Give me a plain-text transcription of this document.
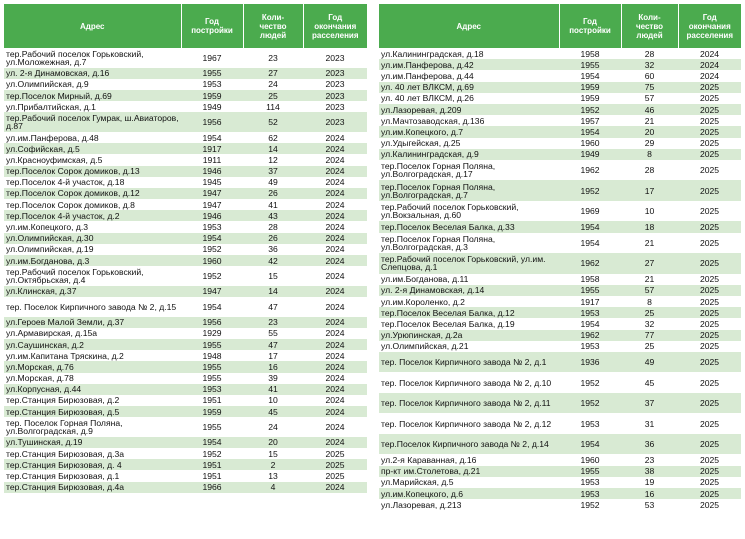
Адрес	Год
постройки	Коли-
чество
людей	Год
окончания
расселения

тер.Рабочий поселок Горьковский, ул.Моложежная, д.7	1967	23	2023
ул. 2-я Динамовская, д.16	1955	27	2023
ул.Олимпийская, д.9	1953	24	2023
тер.Поселок Мирный, д.69	1959	25	2023
ул.Прибалтийская, д.1	1949	114	2023
тер.Рабочий поселок Гумрак, ш.Авиаторов, д.87	1956	52	2023
ул.им.Панферова, д.48	1954	62	2024
ул.Софийская, д.5	1917	14	2024
ул.Красноуфимская, д.5	1911	12	2024
тер.Поселок Сорок домиков, д.13	1946	37	2024
тер.Поселок 4-й участок, д.18	1945	49	2024
тер.Поселок Сорок домиков, д.12	1947	26	2024
тер.Поселок Сорок домиков, д.8	1947	41	2024
тер.Поселок 4-й участок, д.2	1946	43	2024
ул.им.Копецкого, д.3	1953	28	2024
ул.Олимпийская, д.30	1954	26	2024
ул.Олимпийская, д.19	1952	36	2024
ул.им.Богданова, д.3	1960	42	2024
тер.Рабочий поселок Горьковский, ул.Октябрьская, д.4	1952	15	2024
ул.Клинская, д.37	1947	14	2024
тер. Поселок Кирпичного завода № 2, д.15	1954	47	2024
ул.Героев Малой Земли, д.37	1956	23	2024
ул.Армавирская, д.15а	1929	55	2024
ул.Саушинская, д.2	1955	47	2024
ул.им.Капитана Тряскина, д.2	1948	17	2024
ул.Морская, д.76	1955	16	2024
ул.Морская, д.78	1955	39	2024
ул.Корпусная, д.44	1953	41	2024
тер.Станция Бирюзовая, д.2	1951	10	2024
тер.Станция Бирюзовая, д.5	1959	45	2024
тер. Поселок Горная Поляна, ул.Волгоградская, д.9	1955	24	2024
ул.Тушинская, д.19	1954	20	2024
тер.Станция Бирюзовая, д.3а	1952	15	2025
тер.Станция Бирюзовая, д. 4	1951	2	2025
тер.Станция Бирюзовая, д.1	1951	13	2025
тер.Станция Бирюзовая, д.4а	1966	4	2024
Адрес	Год
постройки	Коли-
чество
людей	Год
окончания
расселения

ул.Калининградская, д.18	1958	28	2024
ул.им.Панферова, д.42	1955	32	2024
ул.им.Панферова, д.44	1954	60	2024
ул. 40 лет ВЛКСМ, д.69	1959	75	2025
ул. 40 лет ВЛКСМ, д.26	1959	57	2025
ул.Лазоревая, д.209	1952	46	2025
ул.Мачтозаводская, д.136	1957	21	2025
ул.им.Копецкого, д.7	1954	20	2025
ул.Удыгейская, д.25	1960	29	2025
ул.Калининградская, д.9	1949	8	2025
тер.Поселок Горная Поляна, ул.Волгоградская, д.17	1962	28	2025
тер.Поселок Горная Поляна, ул.Волгоградская, д.7	1952	17	2025
тер.Рабочий поселок Горьковский, ул.Вокзальная, д.60	1969	10	2025
тер.Поселок Веселая Балка, д.33	1954	18	2025
тер.Поселок Горная Поляна, ул.Волгоградская, д.3	1954	21	2025
тер.Рабочий поселок Горьковский, ул.им. Слепцова, д.1	1962	27	2025
ул.им.Богданова, д.11	1958	21	2025
ул. 2-я Динамовская, д.14	1955	57	2025
ул.им.Короленко, д.2	1917	8	2025
тер.Поселок Веселая Балка, д.12	1953	25	2025
тер.Поселок Веселая Балка, д.19	1954	32	2025
ул.Урюпинская, д.2а	1962	77	2025
ул.Олимпийская, д.21	1953	25	2025
тер. Поселок Кирпичного завода № 2, д.1	1936	49	2025
тер. Поселок Кирпичного завода № 2, д.10	1952	45	2025
тер. Поселок Кирпичного завода № 2, д.11	1952	37	2025
тер. Поселок Кирпичного завода № 2, д.12	1953	31	2025
тер.Поселок Кирпичного завода № 2, д.14	1954	36	2025
ул.2-я Караванная, д.16	1960	23	2025
пр-кт им.Столетова, д.21	1955	38	2025
ул.Марийская, д.5	1953	19	2025
ул.им.Копецкого, д.6	1953	16	2025
ул.Лазоревая, д.213	1952	53	2025
